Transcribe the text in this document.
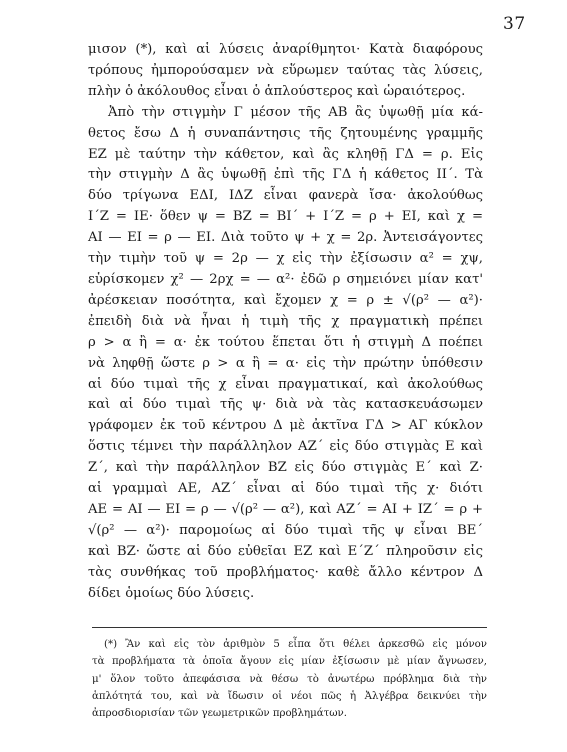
37
μισον (*), καὶ αἱ λύσεις ἀναρίθμητοι· Κατὰ διαφόρους
τρόπους ἠμπορούσαμεν νὰ εὕρωμεν ταύτας τὰς λύσεις,
πλὴν ὁ ἀκόλουθος εἶναι ὁ ἁπλούστερος καὶ ὡραιότερος.
Ἀπὸ τὴν στιγμὴν Γ μέσον τῆς ΑΒ ἂς ὑψωθῇ μία κά-
θετος ἔσω Δ ἡ συναπάντησις τῆς ζητουμένης γραμμῆς
ΕΖ μὲ ταύτην τὴν κάθετον, καὶ ἂς κληθῇ ΓΔ = ρ. Εἰς
τὴν στιγμὴν Δ ἂς ὑψωθῇ ἐπὶ τῆς ΓΔ ἡ κάθετος ΙΙ΄. Τὰ
δύο τρίγωνα ΕΔΙ, ΙΔΖ εἶναι φανερὰ ἴσα· ἀκολούθως
Ι΄Ζ = ΙΕ· ὅθεν ψ = ΒΖ = ΒΙ΄ + Ι΄Ζ = ρ + ΕΙ, καὶ χ =
ΑΙ — ΕΙ = ρ — ΕΙ. Διὰ τοῦτο ψ + χ = 2ρ. Ἀντεισάγοντες
τὴν τιμὴν τοῦ ψ = 2ρ — χ εἰς τὴν ἐξίσωσιν α² = χψ,
εὑρίσκομεν χ² — 2ρχ = — α²· ἐδῶ ρ σημειόνει μίαν κατ'
ἀρέσκειαν ποσότητα, καὶ ἔχομεν χ = ρ ± √(ρ² — α²)·
ἐπειδὴ διὰ νὰ ἦναι ἡ τιμὴ τῆς χ πραγματικὴ πρέπει
ρ > α ἢ = α· ἐκ τούτου ἕπεται ὅτι ἡ στιγμὴ Δ ποέπει
νὰ ληφθῇ ὥστε ρ > α ἢ = α· εἰς τὴν πρώτην ὑπόθεσιν
αἱ δύο τιμαὶ τῆς χ εἶναι πραγματικαί, καὶ ἀκολούθως
καὶ αἱ δύο τιμαὶ τῆς ψ· διὰ νὰ τὰς κατασκευάσωμεν
γράφομεν ἐκ τοῦ κέντρου Δ μὲ ἀκτῖνα ΓΔ > ΑΓ κύκλον
ὅστις τέμνει τὴν παράλληλον ΑΖ΄ εἰς δύο στιγμὰς Ε καὶ
Ζ΄, καὶ τὴν παράλληλον ΒΖ εἰς δύο στιγμὰς Ε΄ καὶ Ζ·
αἱ γραμμαὶ ΑΕ, ΑΖ΄ εἶναι αἱ δύο τιμαὶ τῆς χ· διότι
ΑΕ = ΑΙ — ΕΙ = ρ — √(ρ² — α²), καὶ ΑΖ΄ = ΑΙ + ΙΖ΄ = ρ +
√(ρ² — α²)· παρομοίως αἱ δύο τιμαὶ τῆς ψ εἶναι ΒΕ΄
καὶ ΒΖ· ὥστε αἱ δύο εὐθεῖαι ΕΖ καὶ Ε΄Ζ΄ πληροῦσιν εἰς
τὰς συνθήκας τοῦ προβλήματος· καθὲ ἄλλο κέντρον Δ
δίδει ὁμοίως δύο λύσεις.
(*) Ἂν καὶ εἰς τὸν ἀριθμὸν 5 εἶπα ὅτι θέλει ἀρκεσθῶ εἰς μόνον
τὰ προβλήματα τὰ ὁποῖα ἄγουν εἰς μίαν ἐξίσωσιν μὲ μίαν ἄγνωσεν,
μ' ὅλον τοῦτο ἀπεφάσισα νὰ θέσω τὸ ἀνωτέρω πρόβλημα διὰ τὴν
ἁπλότητά του, καὶ νὰ ἴδωσιν οἱ νέοι πῶς ἡ Ἀλγέβρα δεικνύει τὴν
ἀπροσδιορισίαν τῶν γεωμετρικῶν προβλημάτων.
